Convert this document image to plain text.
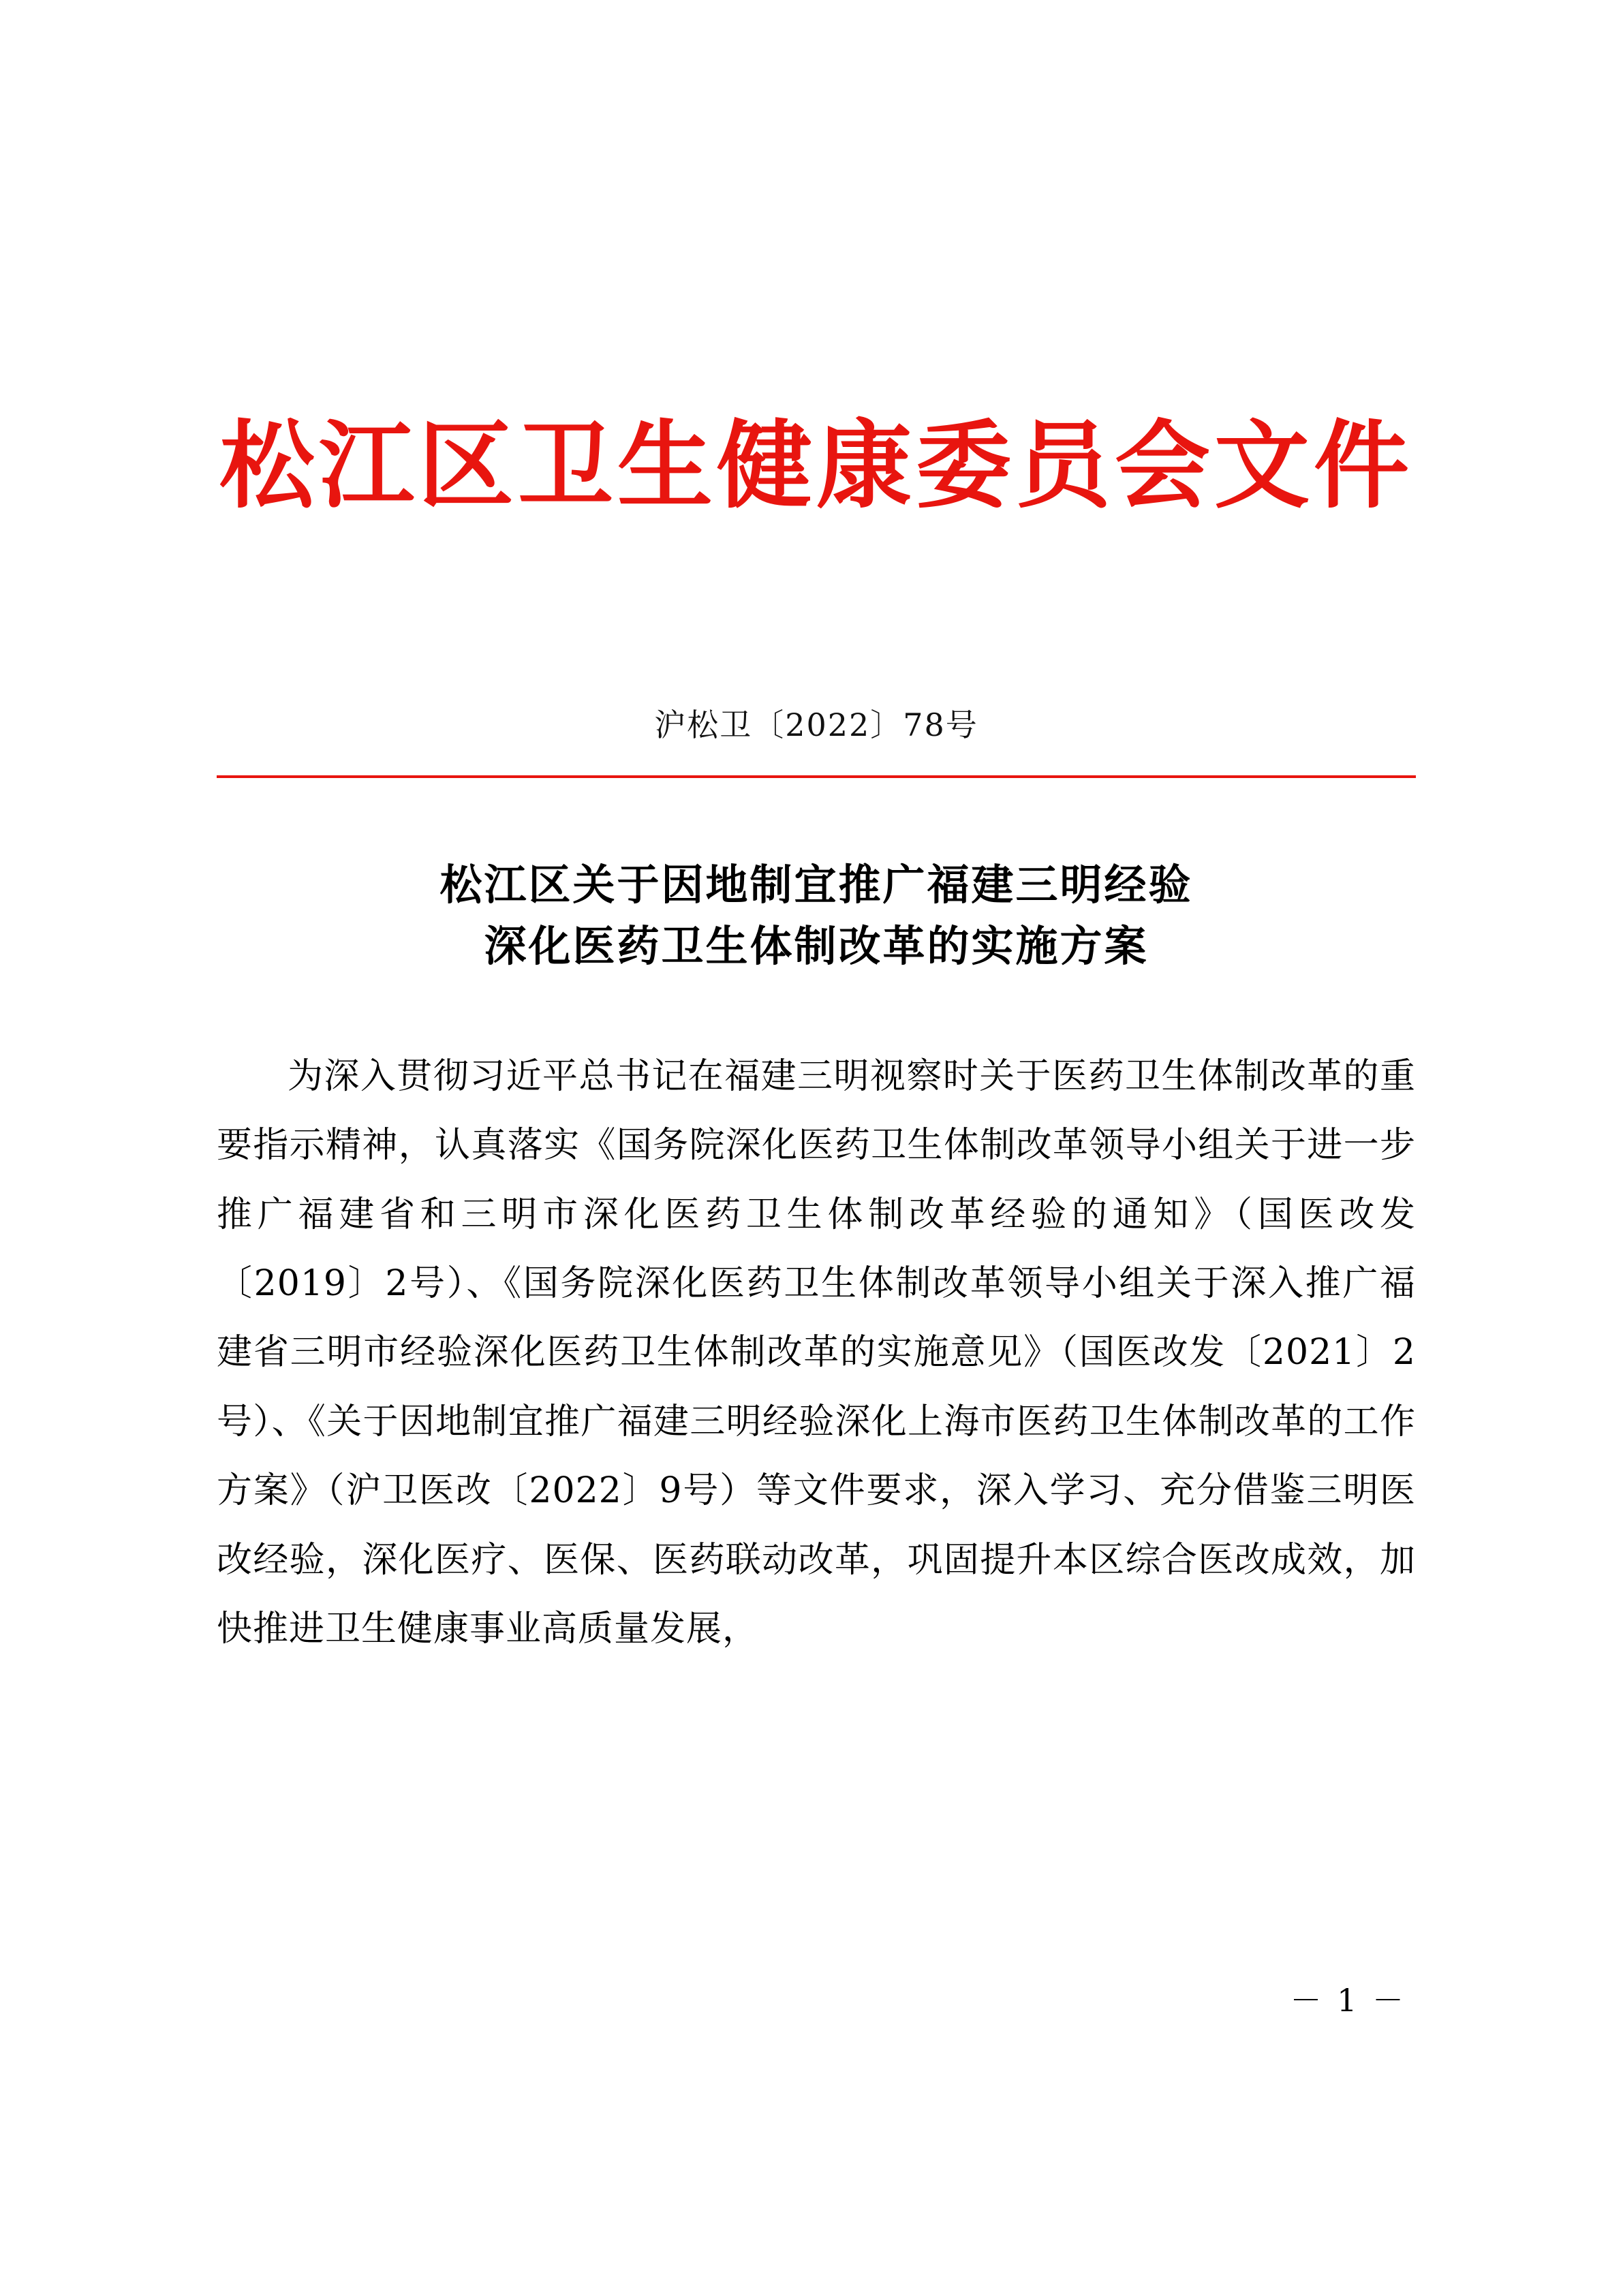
松江区卫生健康委员会文件
沪松卫〔2022〕78号
松江区关于因地制宜推广福建三明经验
深化医药卫生体制改革的实施方案

为深入贯彻习近平总书记在福建三明视察时关于医药卫生体制改革的重要指示精神，认真落实《国务院深化医药卫生体制改革领导小组关于进一步推广福建省和三明市深化医药卫生体制改革经验的通知》（国医改发〔2019〕2号）、《国务院深化医药卫生体制改革领导小组关于深入推广福建省三明市经验深化医药卫生体制改革的实施意见》（国医改发〔2021〕2号）、《关于因地制宜推广福建三明经验深化上海市医药卫生体制改革的工作方案》（沪卫医改〔2022〕9号）等文件要求，深入学习、充分借鉴三明医改经验，深化医疗、医保、医药联动改革，巩固提升本区综合医改成效，加快推进卫生健康事业高质量发展，

－ 1 －
